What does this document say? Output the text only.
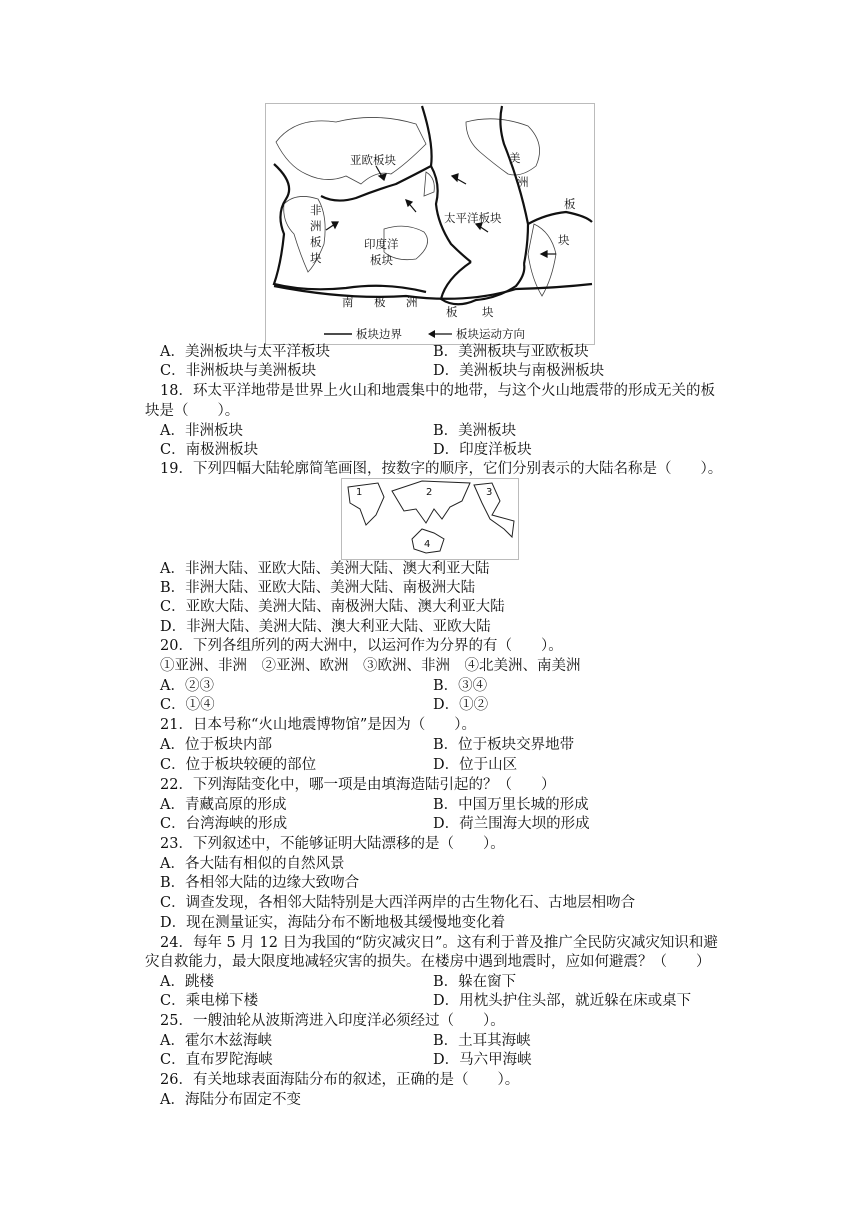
亚欧板块
非
洲
板
块
印度洋
板块
太平洋板块
美
洲
板
块
南 极 洲
板 块
板块边界	板块运动方向
A．美洲板块与太平洋板块	B．美洲板块与亚欧板块
C．非洲板块与美洲板块	D．美洲板块与南极洲板块
18．环太平洋地带是世界上火山和地震集中的地带，与这个火山地震带的形成无关的板
块是（　　）。
A．非洲板块	B．美洲板块
C．南极洲板块	D．印度洋板块
19．下列四幅大陆轮廓简笔画图，按数字的顺序，它们分别表示的大陆名称是（　　）。
1	2	3
4
A．非洲大陆、亚欧大陆、美洲大陆、澳大利亚大陆
B．非洲大陆、亚欧大陆、美洲大陆、南极洲大陆
C．亚欧大陆、美洲大陆、南极洲大陆、澳大利亚大陆
D．非洲大陆、美洲大陆、澳大利亚大陆、亚欧大陆
20．下列各组所列的两大洲中，以运河作为分界的有（　　）。
①亚洲、非洲　②亚洲、欧洲　③欧洲、非洲　④北美洲、南美洲
A．②③	B．③④
C．①④	D．①②
21．日本号称“火山地震博物馆”是因为（　　）。
A．位于板块内部	B．位于板块交界地带
C．位于板块较硬的部位	D．位于山区
22．下列海陆变化中，哪一项是由填海造陆引起的？（　　）
A．青藏高原的形成	B．中国万里长城的形成
C．台湾海峡的形成	D．荷兰围海大坝的形成
23．下列叙述中，不能够证明大陆漂移的是（　　）。
A．各大陆有相似的自然风景
B．各相邻大陆的边缘大致吻合
C．调查发现，各相邻大陆特别是大西洋两岸的古生物化石、古地层相吻合
D．现在测量证实，海陆分布不断地极其缓慢地变化着
24．每年 5 月 12 日为我国的“防灾减灾日”。这有利于普及推广全民防灾减灾知识和避
灾自救能力，最大限度地减轻灾害的损失。在楼房中遇到地震时，应如何避震？（　　）
A．跳楼	B．躲在窗下
C．乘电梯下楼	D．用枕头护住头部，就近躲在床或桌下
25．一艘油轮从波斯湾进入印度洋必须经过（　　）。
A．霍尔木兹海峡	B．土耳其海峡
C．直布罗陀海峡	D．马六甲海峡
26．有关地球表面海陆分布的叙述，正确的是（　　）。
A．海陆分布固定不变
